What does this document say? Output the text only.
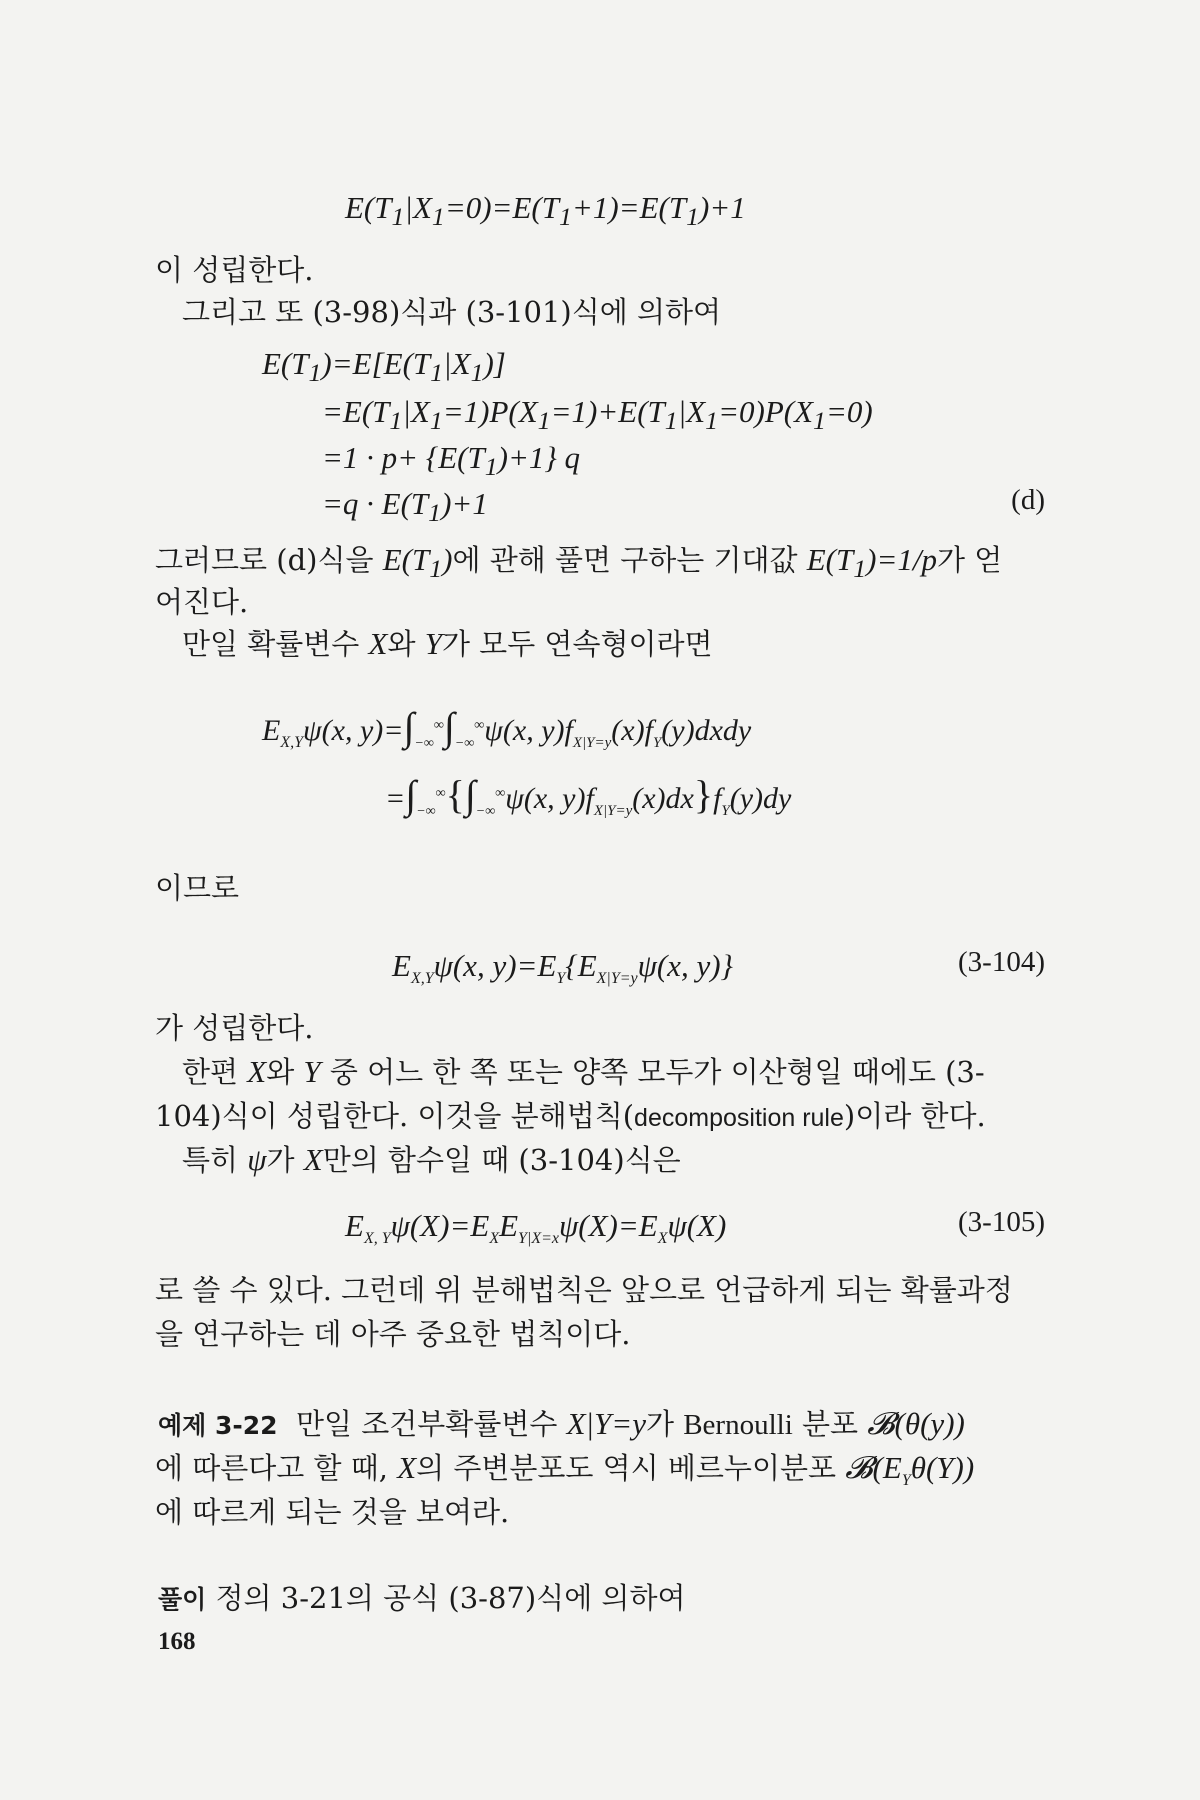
$E(T_1|X_1=0)=E(T_1+1)=E(T_1)+1$
이 성립한다.
그리고 또 (3-98)식과 (3-101)식에 의하여
$E(T_1)=E[E(T_1|X_1)]$
$=E(T_1|X_1=1)P(X_1=1)+E(T_1|X_1=0)P(X_1=0)$
$=1 \cdot p+ \{E(T_1)+1\}$ q
$=q \cdot E(T_1)+1$	(d)
그러므로 (d)식을 $E(T_1)$에 관해 풀면 구하는 기대값 $E(T_1)=1/p$가 얻
어진다.
만일 확률변수 X와 Y가 모두 연속형이라면
$E_{X,Y}\psi(x$, $y)=\int_{-\infty}^\infty\int_{-\infty}^\infty\psi(x$, $y)f_{X|Y=y}(x)f_Y(y)dxdy$
$=\int_{-\infty}^\infty\{\int_{-\infty}^\infty\psi(x$, $y)f_{X|Y=y}(x)dx\}f_Y(y)dy$
이므로
$E_{X,Y}\psi(x$, $y)=E_Y\{E_{X|Y=y}\psi(x$, y)}	(3-104)
가 성립한다.
한편 X와 Y 중 어느 한 쪽 또는 양쪽 모두가 이산형일 때에도 (3-
104)식이 성립한다. 이것을 분해법칙(decomposition rule)이라 한다.
특히 ψ가 X만의 함수일 때 (3-104)식은
$E_{X, Y}\psi(X)=E_XE_{Y|X=x}\psi(X)=E_X\psi(X)$	(3-105)
로 쓸 수 있다. 그런데 위 분해법칙은 앞으로 언급하게 되는 확률과정
을 연구하는 데 아주 중요한 법칙이다.
예제 3-22  만일 조건부확률변수 X|Y=y가 Bernoulli 분포 𝓑(θ(y))
에 따른다고 할 때, X의 주변분포도 역시 베르누이분포 $𝓑(E_Y\theta(Y))$
에 따르게 되는 것을 보여라.
풀이 정의 3-21의 공식 (3-87)식에 의하여
168
